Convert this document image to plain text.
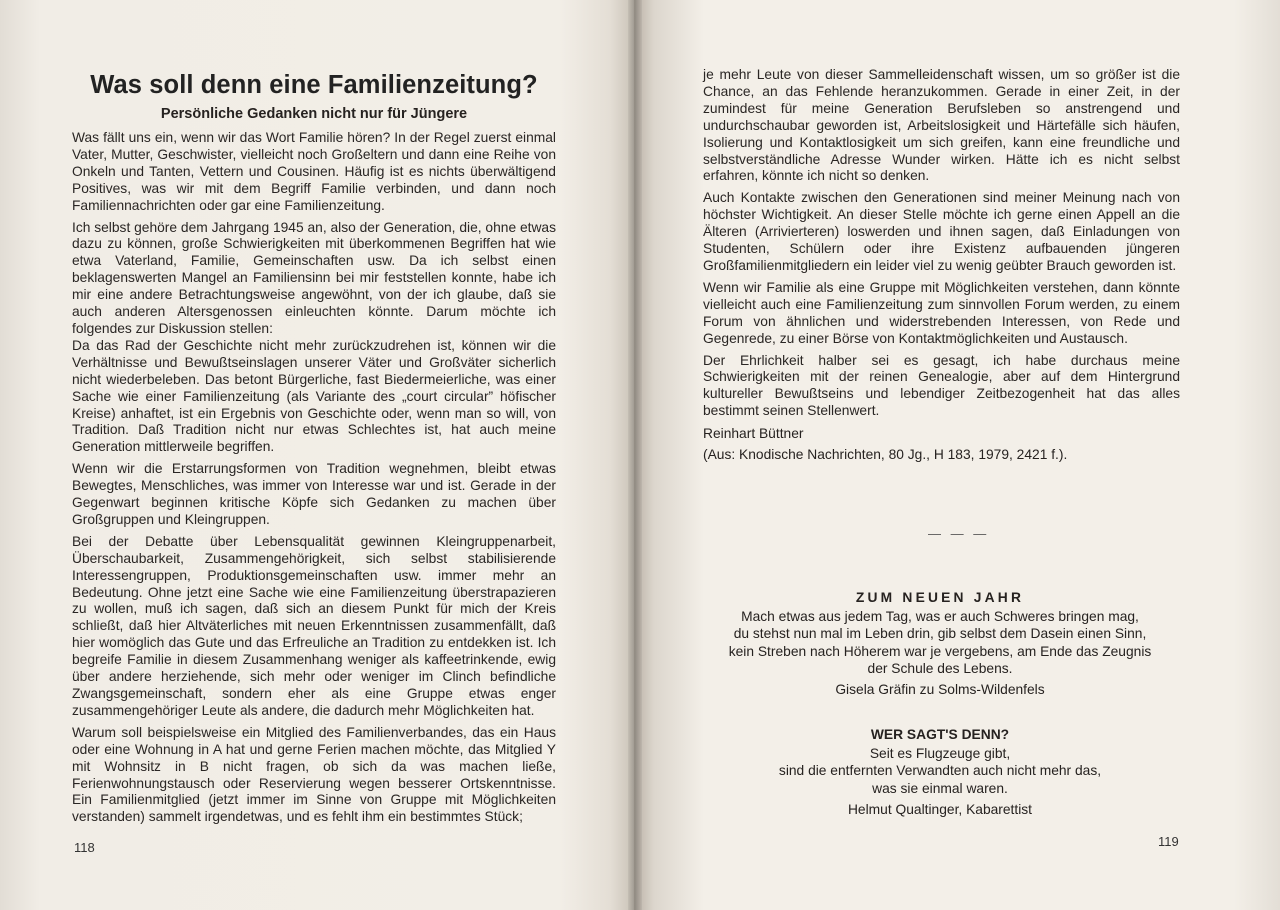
Was soll denn eine Familienzeitung?
Persönliche Gedanken nicht nur für Jüngere

Was fällt uns ein, wenn wir das Wort Familie hören? In der Regel zuerst einmal Vater, Mutter, Geschwister, vielleicht noch Großeltern und dann eine Reihe von Onkeln und Tanten, Vettern und Cousinen. Häufig ist es nichts überwältigend Positives, was wir mit dem Begriff Familie verbinden, und dann noch Familiennachrichten oder gar eine Familienzeitung.

Ich selbst gehöre dem Jahrgang 1945 an, also der Generation, die, ohne etwas dazu zu können, große Schwierigkeiten mit überkommenen Begriffen hat wie etwa Vaterland, Familie, Gemeinschaften usw. Da ich selbst einen beklagenswerten Mangel an Familiensinn bei mir feststellen konnte, habe ich mir eine andere Betrachtungsweise angewöhnt, von der ich glaube, daß sie auch anderen Altersgenossen einleuchten könnte. Darum möchte ich folgendes zur Diskussion stellen:

Da das Rad der Geschichte nicht mehr zurückzudrehen ist, können wir die Verhältnisse und Bewußtseinslagen unserer Väter und Großväter sicherlich nicht wiederbeleben. Das betont Bürgerliche, fast Biedermeierliche, was einer Sache wie einer Familienzeitung (als Variante des „court circular” höfischer Kreise) anhaftet, ist ein Ergebnis von Geschichte oder, wenn man so will, von Tradition. Daß Tradition nicht nur etwas Schlechtes ist, hat auch meine Generation mittlerweile begriffen.

Wenn wir die Erstarrungsformen von Tradition wegnehmen, bleibt etwas Bewegtes, Menschliches, was immer von Interesse war und ist. Gerade in der Gegenwart beginnen kritische Köpfe sich Gedanken zu machen über Großgruppen und Kleingruppen.

Bei der Debatte über Lebensqualität gewinnen Kleingruppenarbeit, Überschaubarkeit, Zusammengehörigkeit, sich selbst stabilisierende Interessengruppen, Produktionsgemeinschaften usw. immer mehr an Bedeutung. Ohne jetzt eine Sache wie eine Familienzeitung überstrapazieren zu wollen, muß ich sagen, daß sich an diesem Punkt für mich der Kreis schließt, daß hier Altväterliches mit neuen Erkenntnissen zusammenfällt, daß hier womöglich das Gute und das Erfreuliche an Tradition zu entdekken ist. Ich begreife Familie in diesem Zusammenhang weniger als kaffeetrinkende, ewig über andere herziehende, sich mehr oder weniger im Clinch befindliche Zwangsgemeinschaft, sondern eher als eine Gruppe etwas enger zusammengehöriger Leute als andere, die dadurch mehr Möglichkeiten hat.

Warum soll beispielsweise ein Mitglied des Familienverbandes, das ein Haus oder eine Wohnung in A hat und gerne Ferien machen möchte, das Mitglied Y mit Wohnsitz in B nicht fragen, ob sich da was machen ließe, Ferienwohnungstausch oder Reservierung wegen besserer Ortskenntnisse. Ein Familienmitglied (jetzt immer im Sinne von Gruppe mit Möglichkeiten verstanden) sammelt irgendetwas, und es fehlt ihm ein bestimmtes Stück;

118

je mehr Leute von dieser Sammelleidenschaft wissen, um so größer ist die Chance, an das Fehlende heranzukommen. Gerade in einer Zeit, in der zumindest für meine Generation Berufsleben so anstrengend und undurchschaubar geworden ist, Arbeitslosigkeit und Härtefälle sich häufen, Isolierung und Kontaktlosigkeit um sich greifen, kann eine freundliche und selbstverständliche Adresse Wunder wirken. Hätte ich es nicht selbst erfahren, könnte ich nicht so denken.

Auch Kontakte zwischen den Generationen sind meiner Meinung nach von höchster Wichtigkeit. An dieser Stelle möchte ich gerne einen Appell an die Älteren (Arrivierteren) loswerden und ihnen sagen, daß Einladungen von Studenten, Schülern oder ihre Existenz aufbauenden jüngeren Großfamilienmitgliedern ein leider viel zu wenig geübter Brauch geworden ist.

Wenn wir Familie als eine Gruppe mit Möglichkeiten verstehen, dann könnte vielleicht auch eine Familienzeitung zum sinnvollen Forum werden, zu einem Forum von ähnlichen und widerstrebenden Interessen, von Rede und Gegenrede, zu einer Börse von Kontaktmöglichkeiten und Austausch.

Der Ehrlichkeit halber sei es gesagt, ich habe durchaus meine Schwierigkeiten mit der reinen Genealogie, aber auf dem Hintergrund kultureller Bewußtseins und lebendiger Zeitbezogenheit hat das alles bestimmt seinen Stellenwert.

Reinhart Büttner

(Aus: Knodische Nachrichten, 80 Jg., H 183, 1979, 2421 f.).

— — —
ZUM NEUEN JAHR
Mach etwas aus jedem Tag, was er auch Schweres bringen mag,
du stehst nun mal im Leben drin, gib selbst dem Dasein einen Sinn,
kein Streben nach Höherem war je vergebens, am Ende das Zeugnis
der Schule des Lebens.
Gisela Gräfin zu Solms-Wildenfels
WER SAGT'S DENN?
Seit es Flugzeuge gibt,
sind die entfernten Verwandten auch nicht mehr das,
was sie einmal waren.
Helmut Qualtinger, Kabarettist
119
